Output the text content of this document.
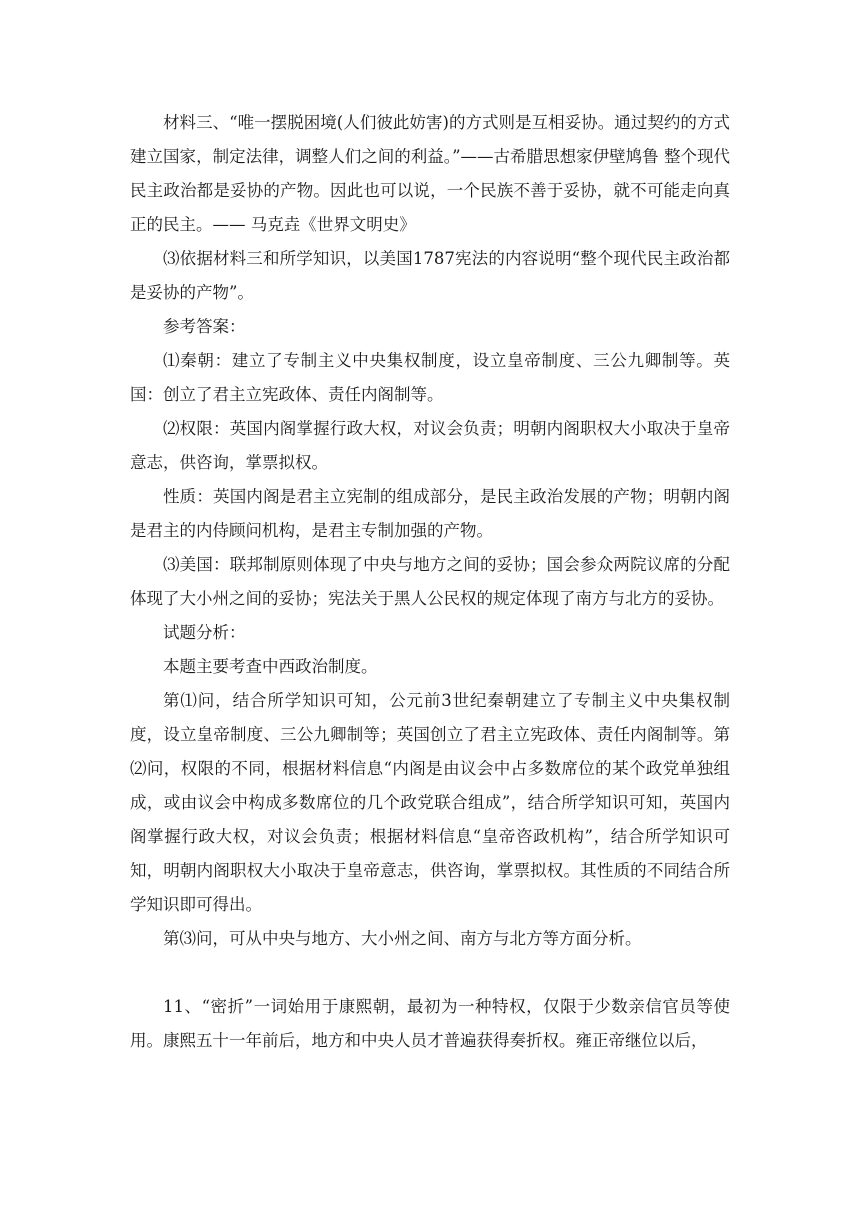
材料三、“唯一摆脱困境(人们彼此妨害)的方式则是互相妥协。通过契约的方式建立国家，制定法律，调整人们之间的利益。”——古希腊思想家伊壁鸠鲁 整个现代民主政治都是妥协的产物。因此也可以说，一个民族不善于妥协，就不可能走向真正的民主。—— 马克垚《世界文明史》

⑶依据材料三和所学知识，以美国1787宪法的内容说明“整个现代民主政治都是妥协的产物”。

参考答案：

⑴秦朝：建立了专制主义中央集权制度，设立皇帝制度、三公九卿制等。英国：创立了君主立宪政体、责任内阁制等。

⑵权限：英国内阁掌握行政大权，对议会负责；明朝内阁职权大小取决于皇帝意志，供咨询，掌票拟权。

性质：英国内阁是君主立宪制的组成部分，是民主政治发展的产物；明朝内阁是君主的内侍顾问机构，是君主专制加强的产物。

⑶美国：联邦制原则体现了中央与地方之间的妥协；国会参众两院议席的分配体现了大小州之间的妥协；宪法关于黑人公民权的规定体现了南方与北方的妥协。

试题分析：

本题主要考查中西政治制度。

第⑴问，结合所学知识可知，公元前3世纪秦朝建立了专制主义中央集权制度，设立皇帝制度、三公九卿制等；英国创立了君主立宪政体、责任内阁制等。第⑵问，权限的不同，根据材料信息“内阁是由议会中占多数席位的某个政党单独组成，或由议会中构成多数席位的几个政党联合组成”，结合所学知识可知，英国内阁掌握行政大权，对议会负责；根据材料信息“皇帝咨政机构”，结合所学知识可知，明朝内阁职权大小取决于皇帝意志，供咨询，掌票拟权。其性质的不同结合所学知识即可得出。

第⑶问，可从中央与地方、大小州之间、南方与北方等方面分析。

11、“密折”一词始用于康熙朝，最初为一种特权，仅限于少数亲信官员等使用。康熙五十一年前后，地方和中央人员才普遍获得奏折权。雍正帝继位以后，
